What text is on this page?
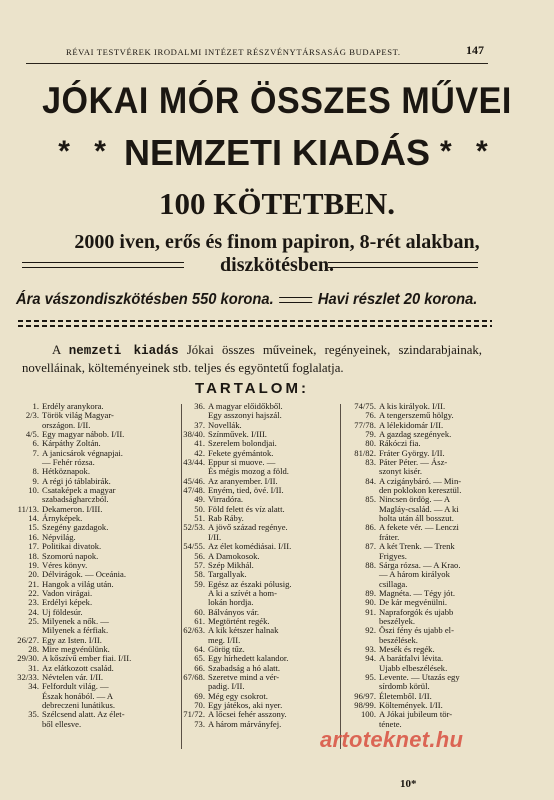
RÉVAI TESTVÉREK IRODALMI INTÉZET RÉSZVÉNYTÁRSASÁG BUDAPEST.	147
JÓKAI MÓR ÖSSZES MŰVEI
* * NEMZETI KIADÁS * *
100 KÖTETBEN.
2000 iven, erős és finom papiron, 8-rét alakban,
diszkötésben.
Ára vászondiszkötésben 550 korona.	Havi részlet 20 korona.
A nemzeti kiadás Jókai összes műveinek, regényeinek, szindarabjainak, novelláinak, költeményeinek stb. teljes és egyöntetű foglalatja.
TARTALOM:
1. Erdély aranykora.
2/3. Török világ Magyar-
országon. I/II.
4/5. Egy magyar nábob. I/II.
6. Kárpáthy Zoltán.
7. A janicsárok végnapjai.
— Fehér rózsa.
8. Hétköznapok.
9. A régi jó táblabirák.
10. Csataképek a magyar
szabadságharczból.
11/13. Dekameron. I/III.
14. Árnyképek.
15. Szegény gazdagok.
16. Népvilág.
17. Politikai divatok.
18. Szomorú napok.
19. Véres könyv.
20. Délvirágok. — Oceánia.
21. Hangok a világ után.
22. Vadon virágai.
23. Erdélyi képek.
24. Uj földesúr.
25. Milyenek a nők. —
Milyenek a férfiak.
26/27. Egy az Isten. I/II.
28. Mire megvénülünk.
29/30. A kőszívű ember fiai. I/II.
31. Az elátkozott család.
32/33. Névtelen vár. I/II.
34. Felfordult világ. —
Észak honából. — A
debreczeni lunátikus.
35. Szélcsend alatt. Az élet-
ből ellesve.
36. A magyar előidőkből.
Egy asszonyi hajszál.
37. Novellák.
38/40. Színművek. I/III.
41. Szerelem bolondjai.
42. Fekete gyémántok.
43/44. Eppur si muove. —
És mégis mozog a föld.
45/46. Az aranyember. I/II.
47/48. Enyém, tied, övé. I/II.
49. Virradóra.
50. Föld felett és víz alatt.
51. Rab Ráby.
52/53. A jövő század regénye.
I/II.
54/55. Az élet komédiásai. I/II.
56. A Damokosok.
57. Szép Mikhál.
58. Targallyak.
59. Egész az északi pólusig.
A ki a szívét a hom-
lokán hordja.
60. Bálványos vár.
61. Megtörtént regék.
62/63. A kik kétszer halnak
meg. I/II.
64. Görög tűz.
65. Egy hírhedett kalandor.
66. Szabadság a hó alatt.
67/68. Szeretve mind a vér-
padig. I/II.
69. Még egy csokrot.
70. Egy játékos, aki nyer.
71/72. A lőcsei fehér asszony.
73. A három márványfej.
74/75. A kis királyok. I/II.
76. A tengerszemű hölgy.
77/78. A lélekidomár I/II.
79. A gazdag szegények.
80. Rákóczi fia.
81/82. Fráter György. I/II.
83. Páter Péter. — Ász-
szonyt kisér.
84. A czigánybáró. — Min-
den poklokon keresztül.
85. Nincsen ördög. — A
Magláy-család. — A ki
holta után áll bosszut.
86. A fekete vér. — Lenczi
fráter.
87. A két Trenk. — Trenk
Frigyes.
88. Sárga rózsa. — A Krao.
— A három királyok
csillaga.
89. Magnéta. — Tégy jót.
90. De kár megvénülni.
91. Napraforgók és ujabb
beszélyek.
92. Öszi fény és ujabb el-
beszélések.
93. Mesék és regék.
94. A barátfalvi lévita.
Ujabb elbeszélések.
95. Levente. — Utazás egy
sírdomb körül.
96/97. Életemből. I/II.
98/99. Költemények. I/II.
100. A Jókai jubileum tör-
ténete.
10*
artoteknet.hu
